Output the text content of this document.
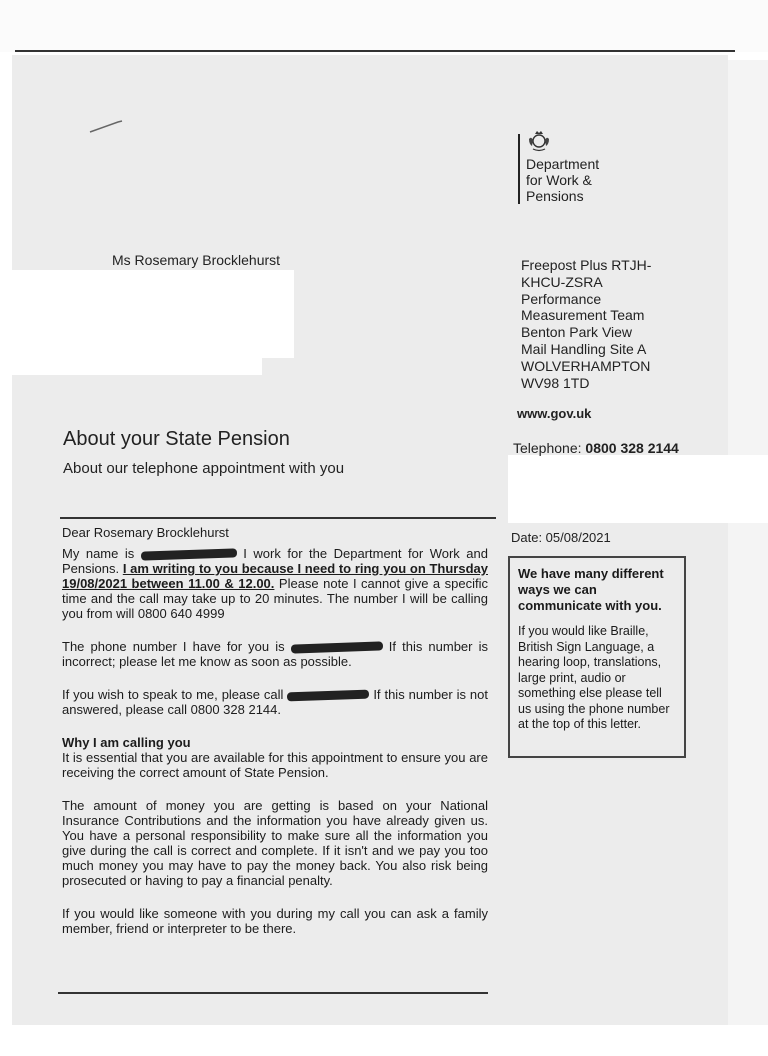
Department
for Work &
Pensions
Ms Rosemary Brocklehurst	Freepost Plus RTJH-
KHCU-ZSRA
Performance
Measurement Team
Benton Park View
Mail Handling Site A
WOLVERHAMPTON
WV98 1TD
www.gov.uk
Telephone: 0800 328 2144
About your State Pension
About our telephone appointment with you

Dear Rosemary Brocklehurst

My name is	I work for the Department for Work and Pensions. I am writing to you because I need to ring you on Thursday 19/08/2021 between 11.00 & 12.00. Please note I cannot give a specific time and the call may take up to 20 minutes. The number I will be calling you from will 0800 640 4999

The phone number I have for you is	If this number is incorrect; please let me know as soon as possible.

If you wish to speak to me, please call	If this number is not answered, please call 0800 328 2144.

Why I am calling you

It is essential that you are available for this appointment to ensure you are receiving the correct amount of State Pension.

The amount of money you are getting is based on your National Insurance Contributions and the information you have already given us. You have a personal responsibility to make sure all the information you give during the call is correct and complete. If it isn't and we pay you too much money you may have to pay the money back. You also risk being prosecuted or having to pay a financial penalty.

If you would like someone with you during my call you can ask a family member, friend or interpreter to be there.

Date: 05/08/2021

We have many different ways we can communicate with you.

If you would like Braille, British Sign Language, a hearing loop, translations, large print, audio or something else please tell us using the phone number at the top of this letter.
